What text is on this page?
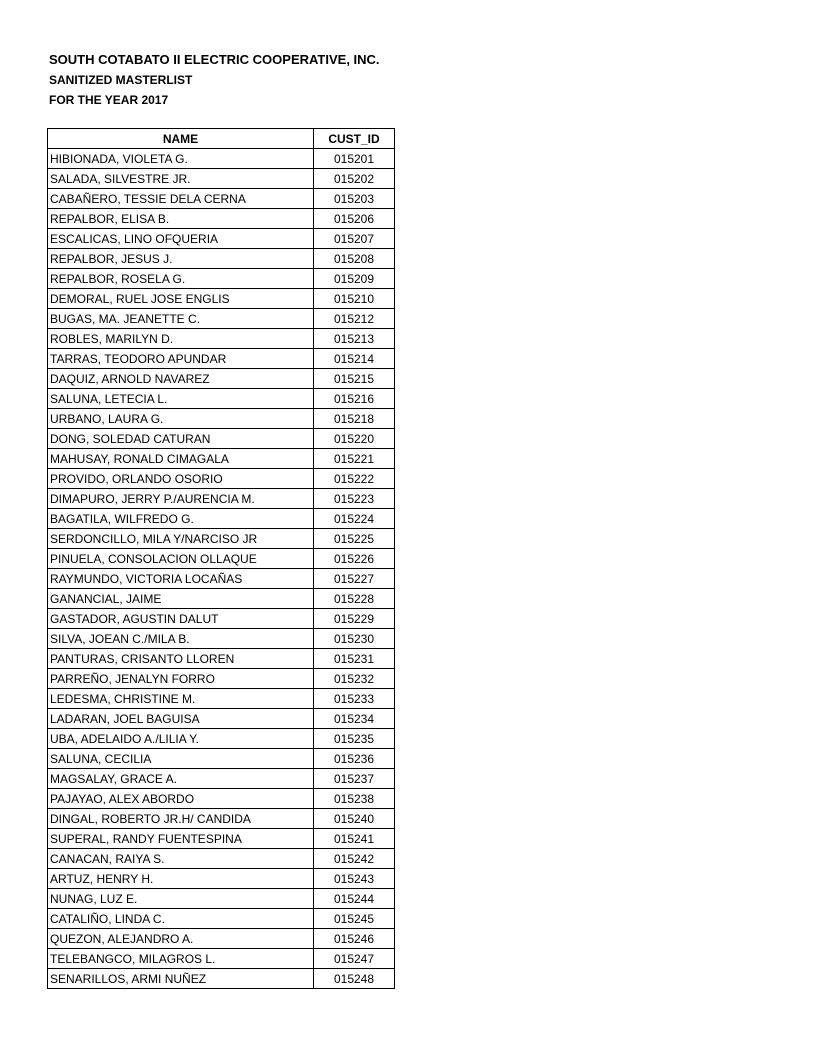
SOUTH COTABATO II ELECTRIC COOPERATIVE, INC.
SANITIZED MASTERLIST
FOR THE YEAR 2017
NAME	CUST_ID
HIBIONADA, VIOLETA G.	015201
SALADA, SILVESTRE JR.	015202
CABAÑERO, TESSIE DELA CERNA	015203
REPALBOR, ELISA B.	015206
ESCALICAS, LINO OFQUERIA	015207
REPALBOR, JESUS J.	015208
REPALBOR, ROSELA G.	015209
DEMORAL, RUEL JOSE ENGLIS	015210
BUGAS, MA. JEANETTE C.	015212
ROBLES, MARILYN D.	015213
TARRAS, TEODORO APUNDAR	015214
DAQUIZ, ARNOLD NAVAREZ	015215
SALUNA, LETECIA L.	015216
URBANO, LAURA G.	015218
DONG, SOLEDAD CATURAN	015220
MAHUSAY, RONALD CIMAGALA	015221
PROVIDO, ORLANDO OSORIO	015222
DIMAPURO, JERRY P./AURENCIA M.	015223
BAGATILA, WILFREDO G.	015224
SERDONCILLO, MILA Y/NARCISO JR	015225
PINUELA, CONSOLACION OLLAQUE	015226
RAYMUNDO, VICTORIA LOCAÑAS	015227
GANANCIAL, JAIME	015228
GASTADOR, AGUSTIN DALUT	015229
SILVA, JOEAN C./MILA B.	015230
PANTURAS, CRISANTO LLOREN	015231
PARREÑO, JENALYN FORRO	015232
LEDESMA, CHRISTINE M.	015233
LADARAN, JOEL BAGUISA	015234
UBA, ADELAIDO A./LILIA Y.	015235
SALUNA, CECILIA	015236
MAGSALAY, GRACE A.	015237
PAJAYAO, ALEX ABORDO	015238
DINGAL, ROBERTO JR.H/ CANDIDA	015240
SUPERAL, RANDY FUENTESPINA	015241
CANACAN, RAIYA S.	015242
ARTUZ, HENRY H.	015243
NUNAG, LUZ E.	015244
CATALIÑO, LINDA C.	015245
QUEZON, ALEJANDRO A.	015246
TELEBANGCO, MILAGROS L.	015247
SENARILLOS, ARMI NUÑEZ	015248
